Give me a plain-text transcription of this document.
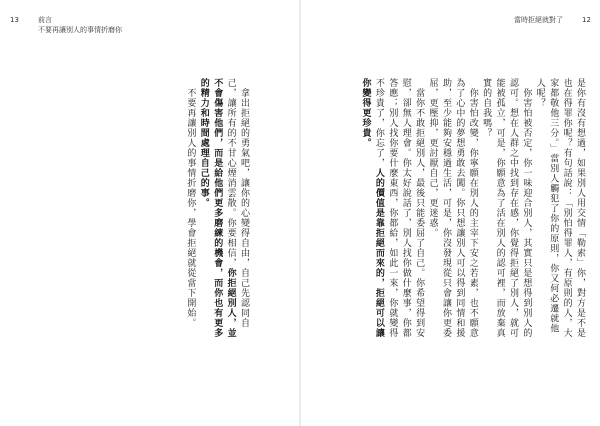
13	前言
不要再讓別人的事情折磨你

　拿出拒絕的勇氣吧，讓你的心變得自由，自己先認同自己，讓所有的不甘心煙消雲散。你要相信，你拒絕別人，並不會傷害他們，而是給他們更多磨練的機會，而你也有更多的精力和時間處理自己的事。

　不要再讓別人的事情折磨你，學會拒絕就從當下開始。

當時拒絕就對了	12

是你有沒有想過，如果別人用交情「勒索」你，對方是不是也在得罪你呢？有句話說：「別怕得罪人，有原則的人，大家都敬他三分。」當別人觸犯了你的原則，你又何必遷就他人呢？

　你害怕被否定，你一味迎合別人，其實只是想得到別人的認可。想在人群之中找到存在感，你覺得拒絕了別人，就可能被孤立，可是，你願意為了活在別人的認可裡，而放棄真實的自我嗎？

　你害怕改變，你寧願在別人的主宰下安之若素，也不願意為了心中的夢想勇敢去闖。你只想讓別人可以得到同情和援助，至少能夠安穩過生活，可是，你沒發現從只會讓你更委屈，更壓抑，更討厭自己，更迷惑。

　當你不敢拒絕別人，最後只能委屈了自己。你希望得到安慰，卻無人理會。你太好說話了，別人找你做什麼事，你都答應；別人找你要什麼東西，你都給，如此一來，你就變得不珍貴了，你忘了，人的價值是靠拒絕而來的，拒絕可以讓你變得更珍貴。
